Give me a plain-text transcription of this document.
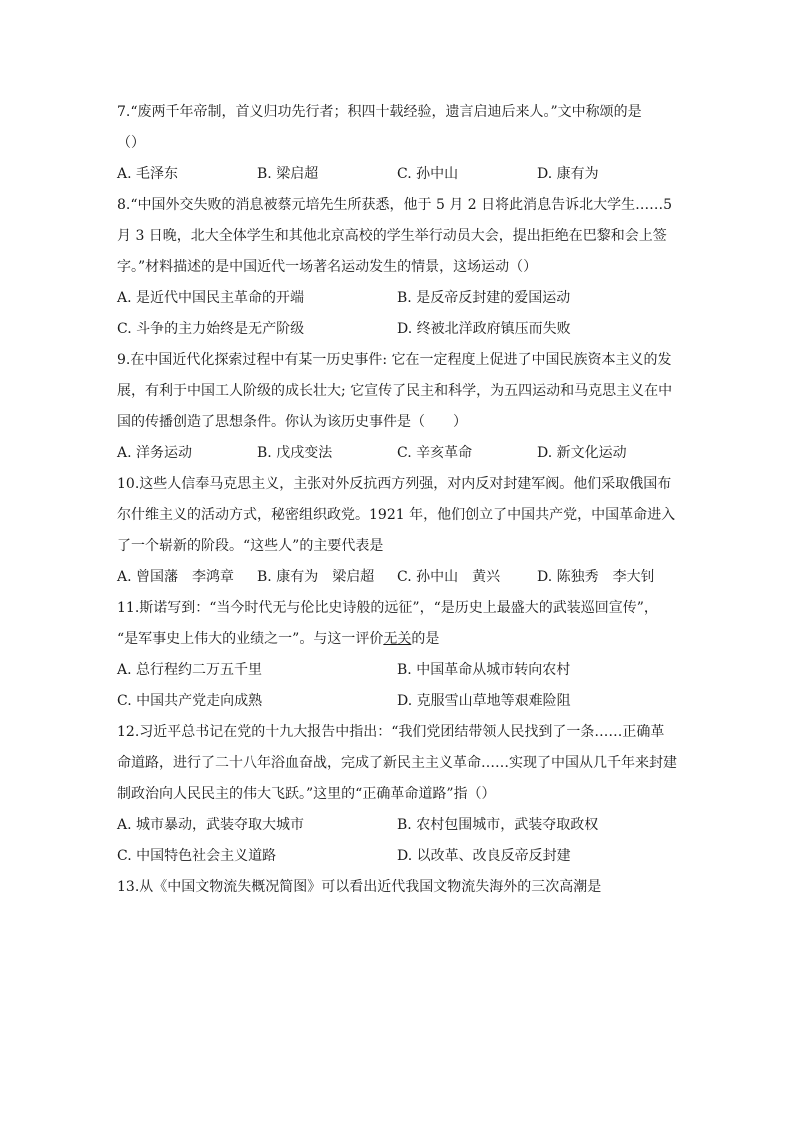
7.“废两千年帝制，首义归功先行者；积四十载经验，遗言启迪后来人。”文中称颂的是
（）
A. 毛泽东	B. 梁启超	C. 孙中山	D. 康有为
8.“中国外交失败的消息被蔡元培先生所获悉，他于 5 月 2 日将此消息告诉北大学生……5
月 3 日晚，北大全体学生和其他北京高校的学生举行动员大会，提出拒绝在巴黎和会上签
字。”材料描述的是中国近代一场著名运动发生的情景，这场运动（）
A. 是近代中国民主革命的开端	B. 是反帝反封建的爱国运动
C. 斗争的主力始终是无产阶级	D. 终被北洋政府镇压而失败
9.在中国近代化探索过程中有某一历史事件: 它在一定程度上促进了中国民族资本主义的发
展，有利于中国工人阶级的成长壮大; 它宣传了民主和科学，为五四运动和马克思主义在中
国的传播创造了思想条件。你认为该历史事件是（　　）
A. 洋务运动	B. 戊戌变法	C. 辛亥革命	D. 新文化运动
10.这些人信奉马克思主义，主张对外反抗西方列强，对内反对封建军阀。他们采取俄国布
尔什维主义的活动方式，秘密组织政党。1921 年，他们创立了中国共产党，中国革命进入
了一个崭新的阶段。“这些人”的主要代表是
A. 曾国藩　李鸿章	B. 康有为　梁启超	C. 孙中山　黄兴	D. 陈独秀　李大钊
11.斯诺写到：“当今时代无与伦比史诗般的远征”，“是历史上最盛大的武装巡回宣传”，
“是军事史上伟大的业绩之一”。与这一评价无关的是
A. 总行程约二万五千里	B. 中国革命从城市转向农村
C. 中国共产党走向成熟	D. 克服雪山草地等艰难险阻
12.习近平总书记在党的十九大报告中指出：“我们党团结带领人民找到了一条……正确革
命道路，进行了二十八年浴血奋战，完成了新民主主义革命……实现了中国从几千年来封建
制政治向人民民主的伟大飞跃。”这里的“正确革命道路”指（）
A. 城市暴动，武装夺取大城市	B. 农村包围城市，武装夺取政权
C. 中国特色社会主义道路	D. 以改革、改良反帝反封建
13.从《中国文物流失概况简图》可以看出近代我国文物流失海外的三次高潮是
